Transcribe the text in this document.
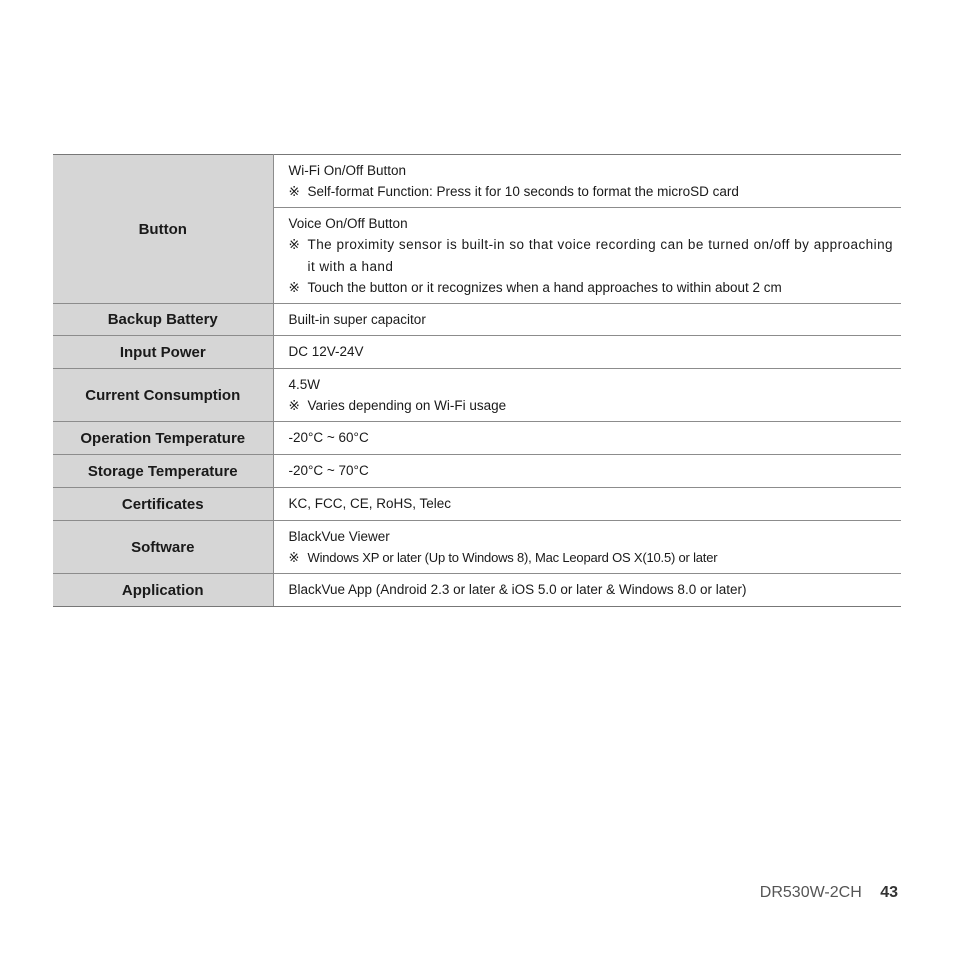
Button	Wi-Fi On/Off Button
※ Self-format Function: Press it for 10 seconds to format the microSD card

	Voice On/Off Button
※ The proximity sensor is built-in so that voice recording can be turned on/off by approaching it with a hand
※ Touch the button or it recognizes when a hand approaches to within about 2 cm

Backup Battery	Built-in super capacitor
Input Power	DC 12V-24V
Current Consumption	4.5W
※ Varies depending on Wi-Fi usage

Operation Temperature	-20°C ~ 60°C
Storage Temperature	-20°C ~ 70°C
Certificates	KC, FCC, CE, RoHS, Telec
Software	BlackVue Viewer
※ Windows XP or later (Up to Windows 8), Mac Leopard OS X(10.5) or later

Application	BlackVue App (Android 2.3 or later & iOS 5.0 or later & Windows 8.0 or later)
DR530W-2CH 43
